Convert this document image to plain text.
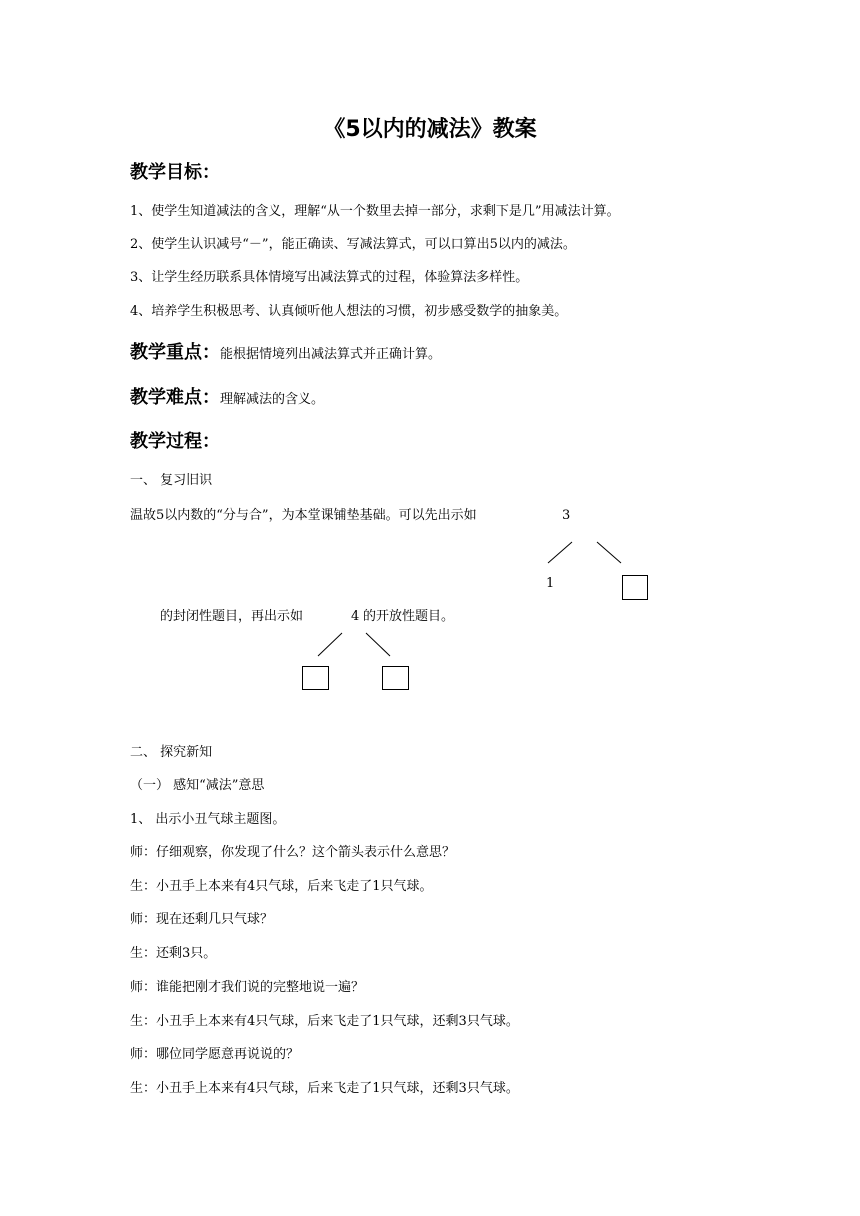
《5以内的减法》教案
教学目标：
1、使学生知道减法的含义，理解“从一个数里去掉一部分，求剩下是几”用减法计算。
2、使学生认识减号“－”，能正确读、写减法算式，可以口算出5以内的减法。
3、让学生经历联系具体情境写出减法算式的过程，体验算法多样性。
4、培养学生积极思考、认真倾听他人想法的习惯，初步感受数学的抽象美。
教学重点：能根据情境列出减法算式并正确计算。
教学难点：理解减法的含义。
教学过程：
一、 复习旧识
温故5以内数的“分与合”，为本堂课铺垫基础。可以先出示如	3
1
的封闭性题目，再出示如	4 的开放性题目。
二、 探究新知
（一） 感知“减法”意思
1、 出示小丑气球主题图。
师：仔细观察，你发现了什么？这个箭头表示什么意思？
生：小丑手上本来有4只气球，后来飞走了1只气球。
师：现在还剩几只气球？
生：还剩3只。
师：谁能把刚才我们说的完整地说一遍？
生：小丑手上本来有4只气球，后来飞走了1只气球，还剩3只气球。
师：哪位同学愿意再说说的？
生：小丑手上本来有4只气球，后来飞走了1只气球，还剩3只气球。
